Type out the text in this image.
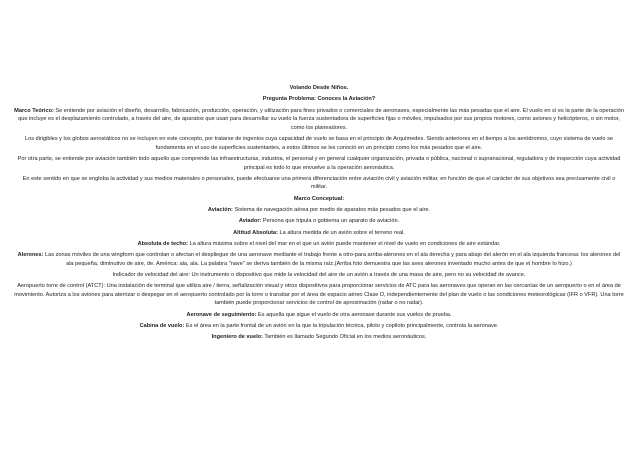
Volando Desde Niños.

Pregunta Problema: Conoces la Aviación?

Marco Teórico: Se entiende por aviación el diseño, desarrollo, fabricación, producción, operación, y utilización para fines privados o comerciales de aeronaves, especialmente las más pesadas que el aire. El vuelo en sí es la parte de la operación que incluye es el desplazamiento controlado, a través del aire, de aparatos que usan para desarrollar su vuelo la fuerza sustentadora de superficies fijas o móviles, impulsados por sus propios motores, como aviones y helicópteros, o sin motor, como los planeadores.

Los dirigibles y los globos aerostáticos no se incluyen en este concepto, por tratarse de ingenios cuya capacidad de vuelo se basa en el principio de Arquímedes. Siendo anteriores en el tiempo a los aeródromos, cuyo sistema de vuelo se fundamenta en el uso de superficies sustentantes, a estos últimos se les conoció en un principio como los más pesados que el aire.

Por otra parte, se entiende por aviación también todo aquello que comprende las infraestructuras, industria, el personal y en general cualquier organización, privada o pública, nacional o supranacional, reguladora y de inspección cuya actividad principal es todo lo que envuelve a la operación aeronáutica.

En este sentido en que se engloba la actividad y sus medios materiales o personales, puede efectuarse una primera diferenciación entre aviación civil y aviación militar, en función de que el carácter de sus objetivos sea precisamente civil o militar.

Marco Conceptual:

Aviación: Sistema de navegación aérea por medio de aparatos más pesados que el aire.

Aviador: Persona que tripula o gobierna un aparato de aviación.

Altitud Absoluta: La altura medida de un avión sobre el terreno real.

Absoluta de techo: La altura máxima sobre el nivel del mar en el que un avión puede mantener el nivel de vuelo en condiciones de aire estándar.

Alerones: Las zonas móviles de una wingform que controlan o afectan el despliegue de una aeronave mediante el trabajo frente a otro-para arriba-alerones en el ala derecha y para abajo del alerón en el ala izquierda francesa: los alerones del ala pequeña, diminutivo de aire, de. América: ala, ala. La palabra "nave" se deriva también de la misma raíz.(Arriba foto demuestra que las aves alerones inventado mucho antes de que el hombre lo hizo.)

Indicador de velocidad del aire: Un instrumento o dispositivo que mide la velocidad del aire de un avión a través de una masa de aire, pero no su velocidad de avance.

Aeropuerto torre de control (ATCT): Una instalación de terminal que utiliza aire / tierra, señalización visual y otros dispositivos para proporcionar servicios de ATC para las aeronaves que operan en las cercanías de un aeropuerto o en el área de movimiento. Autoriza a los aviones para aterrizar o despegar en el aeropuerto controlado por la torre o transitar por el área de espacio aéreo Clase D, independientemente del plan de vuelo o las condiciones meteorológicas (IFR o VFR). Una torre también puede proporcionar servicios de control de aproximación (radar o no radar).

Aeronave de seguimiento: Es aquella que sigue el vuelo de otra aeronave durante sus vuelos de prueba.

Cabina de vuelo: Es el área en la parte frontal de un avión en la que la tripulación técnica, piloto y copiloto principalmente, controla la aeronave.

Ingeniero de vuelo: También es llamado Segundo Oficial en los medios aeronáuticos.
